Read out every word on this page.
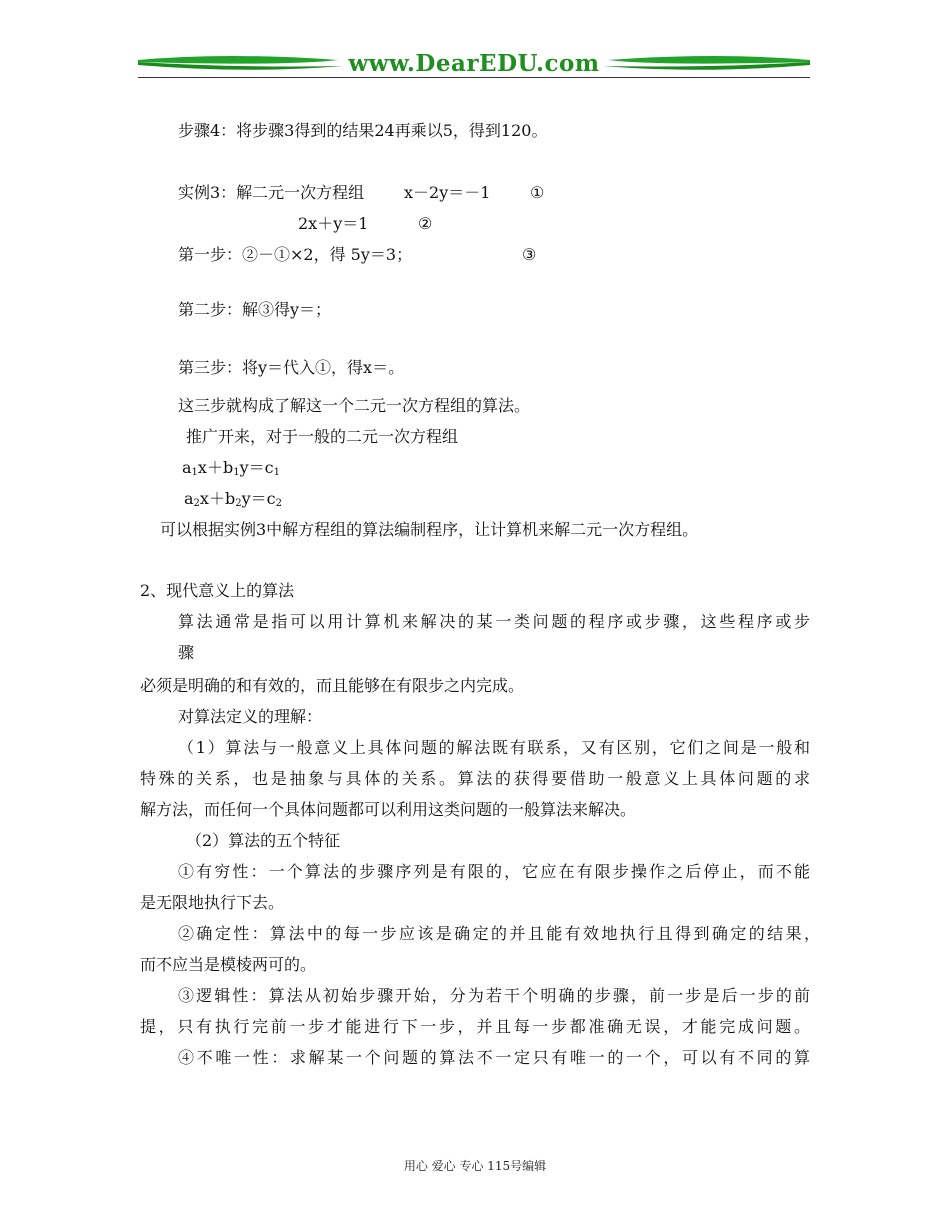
www.DearEDU.com
步骤4：将步骤3得到的结果24再乘以5，得到120。
实例3：解二元一次方程组 x－2y＝－1 ①
2x＋y＝1	②
第一步：②－①×2，得 5y＝3；	③
第二步：解③得y＝；
第三步：将y＝代入①，得x＝。
这三步就构成了解这一个二元一次方程组的算法。
推广开来，对于一般的二元一次方程组
$a_1x+b_1y=c_1$
$a_2x+b_2y=c_2$
可以根据实例3中解方程组的算法编制程序，让计算机来解二元一次方程组。
2、现代意义上的算法
算法通常是指可以用计算机来解决的某一类问题的程序或步骤，这些程序或步
骤
必须是明确的和有效的，而且能够在有限步之内完成。
对算法定义的理解：
（1）算法与一般意义上具体问题的解法既有联系，又有区别，它们之间是一般和
特殊的关系，也是抽象与具体的关系。算法的获得要借助一般意义上具体问题的求
解方法，而任何一个具体问题都可以利用这类问题的一般算法来解决。
（2）算法的五个特征
①有穷性：一个算法的步骤序列是有限的，它应在有限步操作之后停止，而不能
是无限地执行下去。
②确定性：算法中的每一步应该是确定的并且能有效地执行且得到确定的结果，
而不应当是模棱两可的。
③逻辑性：算法从初始步骤开始，分为若干个明确的步骤，前一步是后一步的前
提，只有执行完前一步才能进行下一步，并且每一步都准确无误，才能完成问题。
④不唯一性：求解某一个问题的算法不一定只有唯一的一个，可以有不同的算
用心 爱心 专心 115号编辑
